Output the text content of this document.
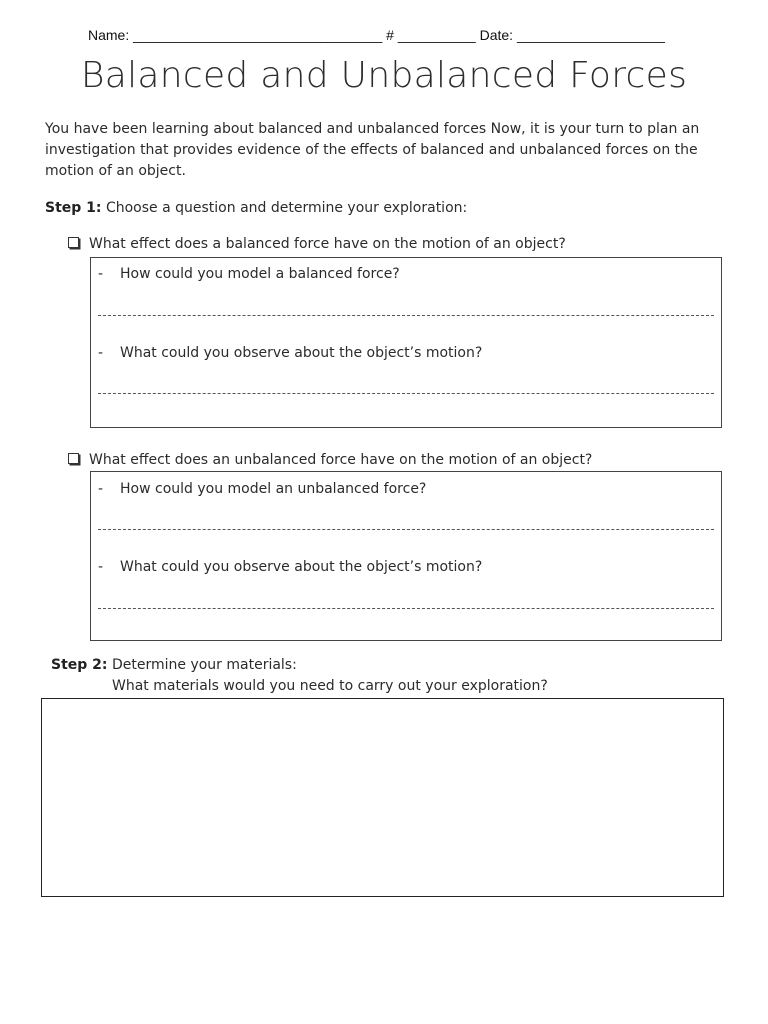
Name: ________________________________ # __________ Date: ___________________
Balanced and Unbalanced Forces
You have been learning about balanced and unbalanced forces Now, it is your turn to plan an investigation that provides evidence of the effects of balanced and unbalanced forces on the motion of an object.
Step 1: Choose a question and determine your exploration:
What effect does a balanced force have on the motion of an object?
- How could you model a balanced force?
- What could you observe about the object’s motion?
What effect does an unbalanced force have on the motion of an object?
- How could you model an unbalanced force?
- What could you observe about the object’s motion?
Step 2: Determine your materials:
What materials would you need to carry out your exploration?
